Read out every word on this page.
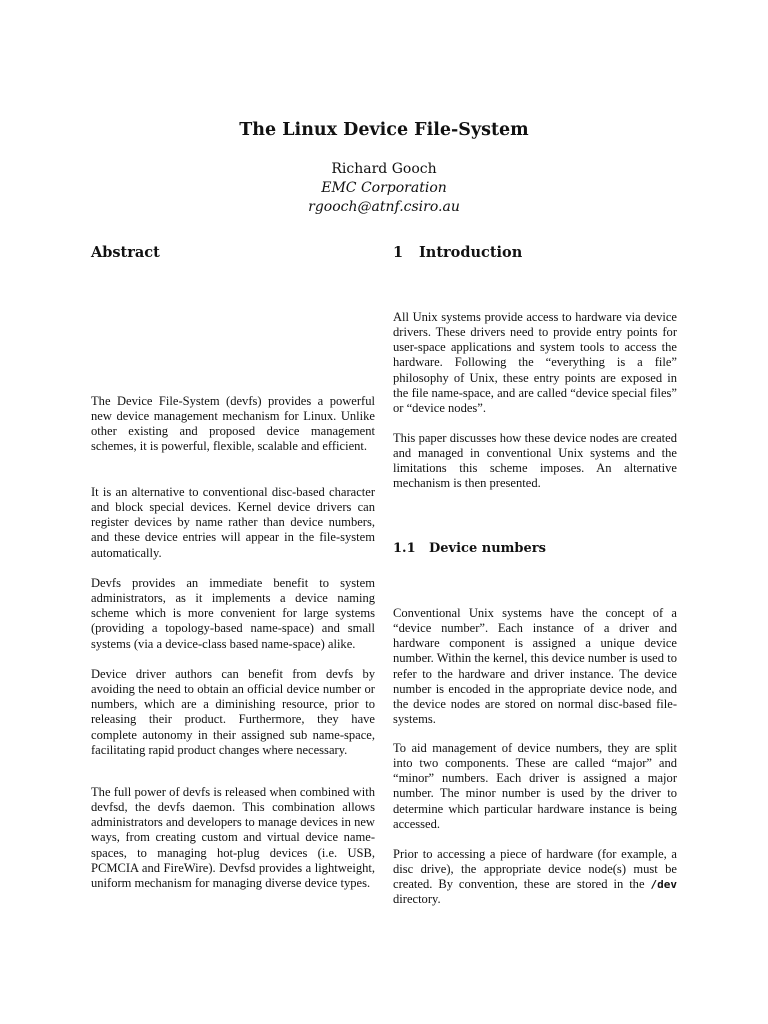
The Linux Device File-System
Richard Gooch
EMC Corporation
rgooch@atnf.csiro.au
Abstract

The Device File-System (devfs) provides a powerful new device management mechanism for Linux. Unlike other existing and proposed device management schemes, it is powerful, flexible, scalable and efficient.

It is an alternative to conventional disc-based character and block special devices. Kernel device drivers can register devices by name rather than device numbers, and these device entries will appear in the file-system automatically.

Devfs provides an immediate benefit to system administrators, as it implements a device naming scheme which is more convenient for large systems (providing a topology-based name-space) and small systems (via a device-class based name-space) alike.

Device driver authors can benefit from devfs by avoiding the need to obtain an official device number or numbers, which are a diminishing resource, prior to releasing their product. Furthermore, they have complete autonomy in their assigned sub name-space, facilitating rapid product changes where necessary.

The full power of devfs is released when combined with devfsd, the devfs daemon. This combination allows administrators and developers to manage devices in new ways, from creating custom and virtual device name-spaces, to managing hot-plug devices (i.e. USB, PCMCIA and FireWire). Devfsd provides a lightweight, uniform mechanism for managing diverse device types.

1 Introduction

All Unix systems provide access to hardware via device drivers. These drivers need to provide entry points for user-space applications and system tools to access the hardware. Following the “everything is a file” philosophy of Unix, these entry points are exposed in the file name-space, and are called “device special files” or “device nodes”.

This paper discusses how these device nodes are created and managed in conventional Unix systems and the limitations this scheme imposes. An alternative mechanism is then presented.

1.1 Device numbers

Conventional Unix systems have the concept of a “device number”. Each instance of a driver and hardware component is assigned a unique device number. Within the kernel, this device number is used to refer to the hardware and driver instance. The device number is encoded in the appropriate device node, and the device nodes are stored on normal disc-based file-systems.

To aid management of device numbers, they are split into two components. These are called “major” and “minor” numbers. Each driver is assigned a major number. The minor number is used by the driver to determine which particular hardware instance is being accessed.

Prior to accessing a piece of hardware (for example, a disc drive), the appropriate device node(s) must be created. By convention, these are stored in the /dev directory.
